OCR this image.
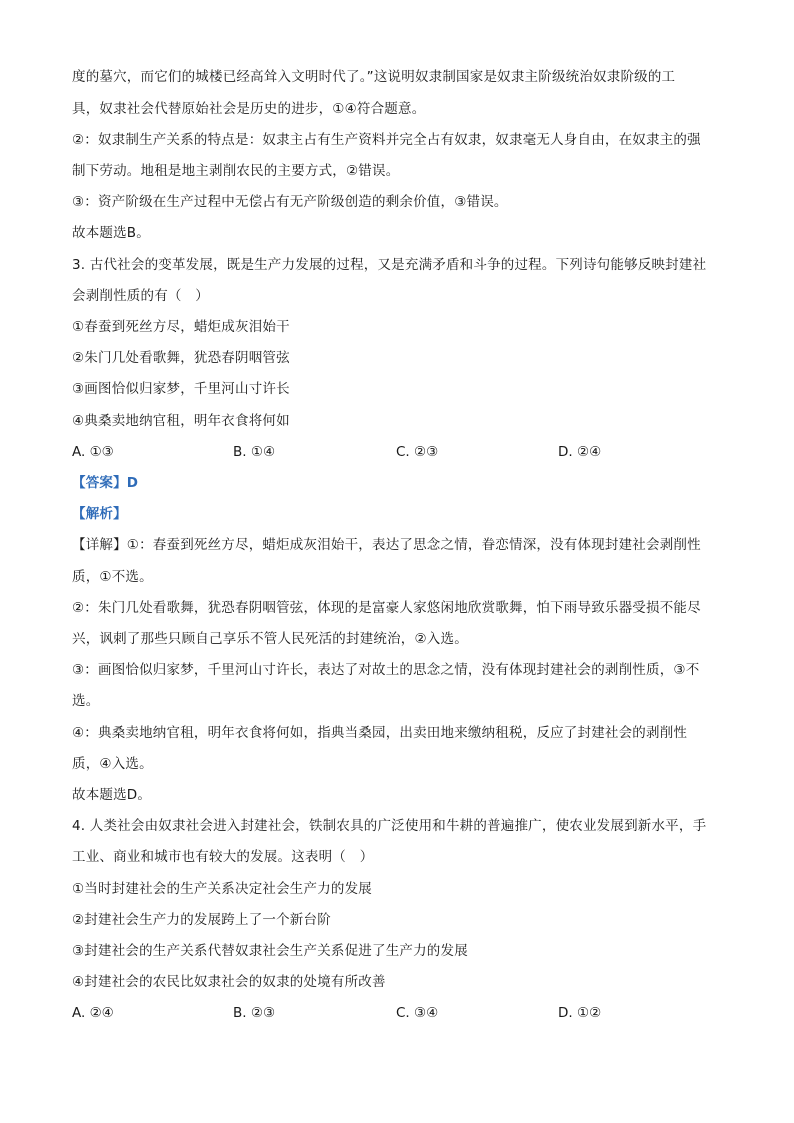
度的墓穴，而它们的城楼已经高耸入文明时代了。”这说明奴隶制国家是奴隶主阶级统治奴隶阶级的工
具，奴隶社会代替原始社会是历史的进步，①④符合题意。
②：奴隶制生产关系的特点是：奴隶主占有生产资料并完全占有奴隶，奴隶毫无人身自由，在奴隶主的强
制下劳动。地租是地主剥削农民的主要方式，②错误。
③：资产阶级在生产过程中无偿占有无产阶级创造的剩余价值，③错误。
故本题选B。
3. 古代社会的变革发展，既是生产力发展的过程，又是充满矛盾和斗争的过程。下列诗句能够反映封建社
会剥削性质的有（　）
①春蚕到死丝方尽，蜡炬成灰泪始干
②朱门几处看歌舞，犹恐春阴咽管弦
③画图恰似归家梦，千里河山寸许长
④典桑卖地纳官租，明年衣食将何如
A. ①③	B. ①④	C. ②③	D. ②④
【答案】D
【解析】
【详解】①：春蚕到死丝方尽，蜡炬成灰泪始干，表达了思念之情，眷恋情深，没有体现封建社会剥削性
质，①不选。
②：朱门几处看歌舞，犹恐春阴咽管弦，体现的是富豪人家悠闲地欣赏歌舞，怕下雨导致乐器受损不能尽
兴，讽刺了那些只顾自己享乐不管人民死活的封建统治，②入选。
③：画图恰似归家梦，千里河山寸许长，表达了对故土的思念之情，没有体现封建社会的剥削性质，③不
选。
④：典桑卖地纳官租，明年衣食将何如，指典当桑园，出卖田地来缴纳租税，反应了封建社会的剥削性
质，④入选。
故本题选D。
4. 人类社会由奴隶社会进入封建社会，铁制农具的广泛使用和牛耕的普遍推广，使农业发展到新水平，手
工业、商业和城市也有较大的发展。这表明（　）
①当时封建社会的生产关系决定社会生产力的发展
②封建社会生产力的发展跨上了一个新台阶
③封建社会的生产关系代替奴隶社会生产关系促进了生产力的发展
④封建社会的农民比奴隶社会的奴隶的处境有所改善
A. ②④	B. ②③	C. ③④	D. ①②
